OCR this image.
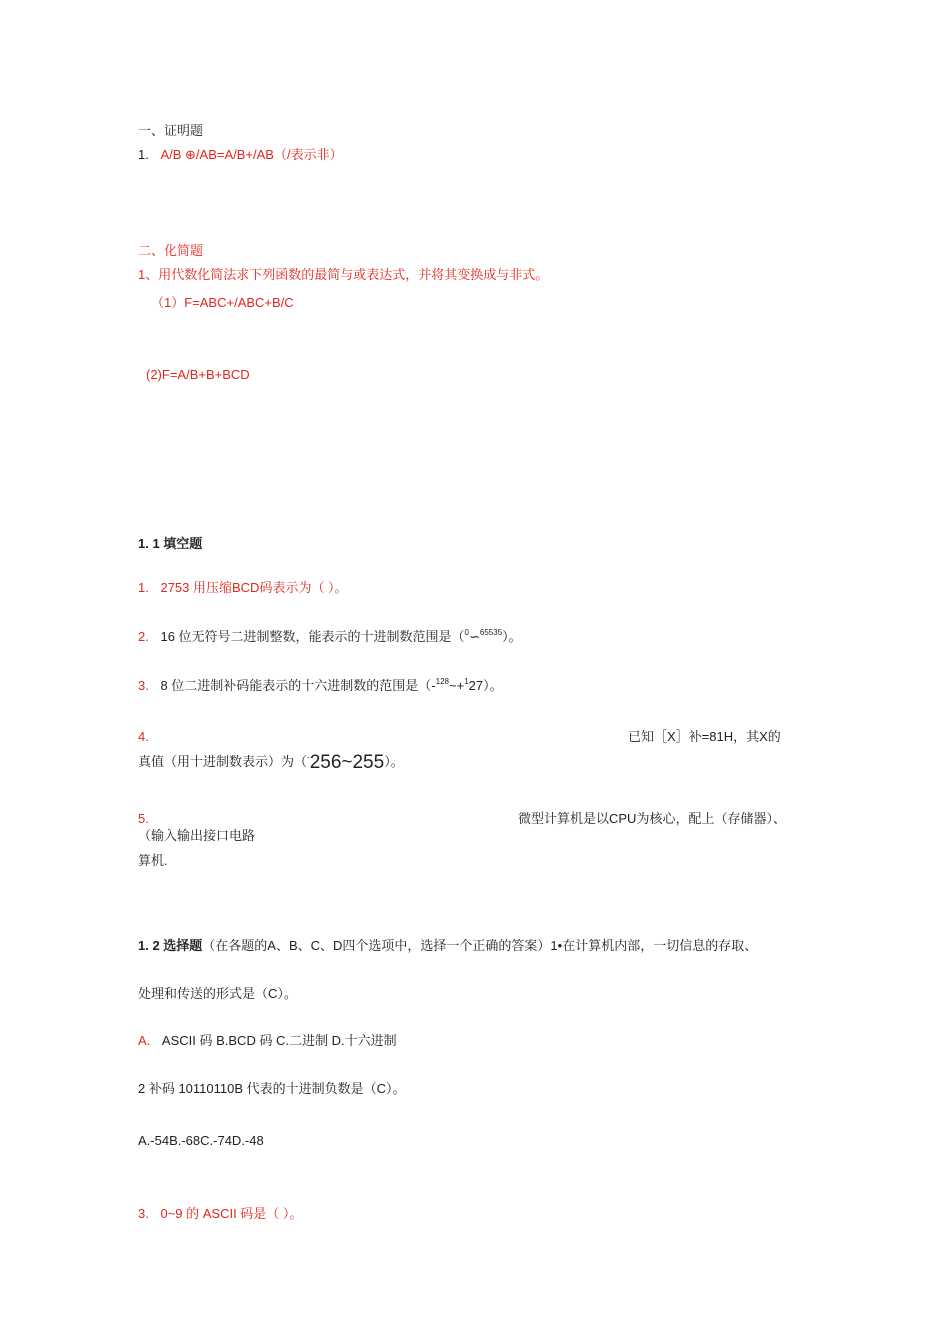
一、证明题
1. A/B ⊕/AB=A/B+/AB（/表示非）
二、化简题
1、用代数化简法求下列函数的最简与或表达式，并将其变换成与非式。
（1）F=ABC+/ABC+B/C
(2)F=A/B+B+BCD
1. 1 填空题
1. 2753 用压缩BCD码表示为（ ）。
2. 16 位无符号二进制整数，能表示的十进制数范围是（$^0$∽$^{65535}$）。
3. 8 位二进制补码能表示的十六进制数的范围是（-$^{128}$~+$^1$27）。
4.	已知［X］补=81H，其X的
真值（用十进制数表示）为（-256~255）。
5.	微型计算机是以CPU为核心，配上（存储器）、
（输入输出接口电路
算机.
1. 2 选择题（在各题的A、B、C、D四个选项中，选择一个正确的答案）1•在计算机内部，一切信息的存取、
处理和传送的形式是（C）。
A. ASCII 码 B.BCD 码 C.二进制 D.十六进制
2 补码 10110110B 代表的十进制负数是（C）。
A.-54B.-68C.-74D.-48
3. 0~9 的 ASCII 码是（ ）。
